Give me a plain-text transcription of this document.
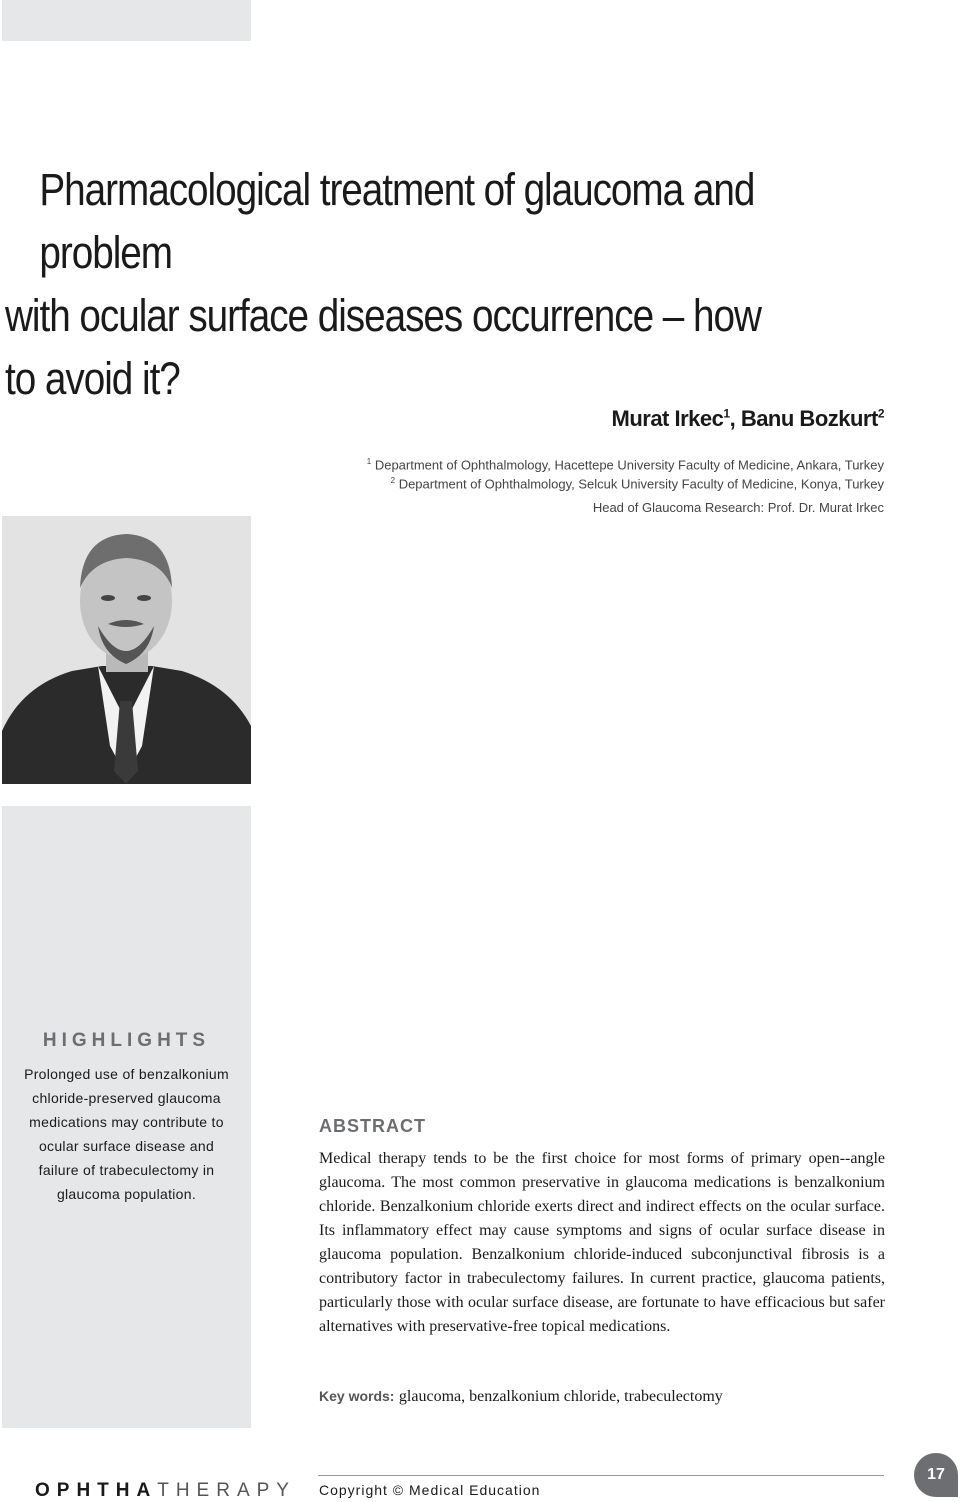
Pharmacological treatment of glaucoma and problem
with ocular surface diseases occurrence – how to avoid it?
Murat Irkec$^1$, Banu Bozkurt$^2$
$^1$ Department of Ophthalmology, Hacettepe University Faculty of Medicine, Ankara, Turkey
$^2$ Department of Ophthalmology, Selcuk University Faculty of Medicine, Konya, Turkey
Head of Glaucoma Research: Prof. Dr. Murat Irkec
HIGHLIGHTS
Prolonged use of benzalkonium chloride-preserved glaucoma medications may contribute to ocular surface disease and failure of trabeculectomy in glaucoma population.
ABSTRACT
Medical therapy tends to be the first choice for most forms of primary open--angle glaucoma. The most common preservative in glaucoma medications is benzalkonium chloride. Benzalkonium chloride exerts direct and indirect effects on the ocular surface. Its inflammatory effect may cause symptoms and signs of ocular surface disease in glaucoma population. Benzalkonium chloride-induced subconjunctival fibrosis is a contributory factor in trabeculectomy failures. In current practice, glaucoma patients, particularly those with ocular surface disease, are fortunate to have efficacious but safer alternatives with preservative-free topical medications.
Key words: glaucoma, benzalkonium chloride, trabeculectomy
OPHTHATHERAPY Copyright © Medical Education
17
